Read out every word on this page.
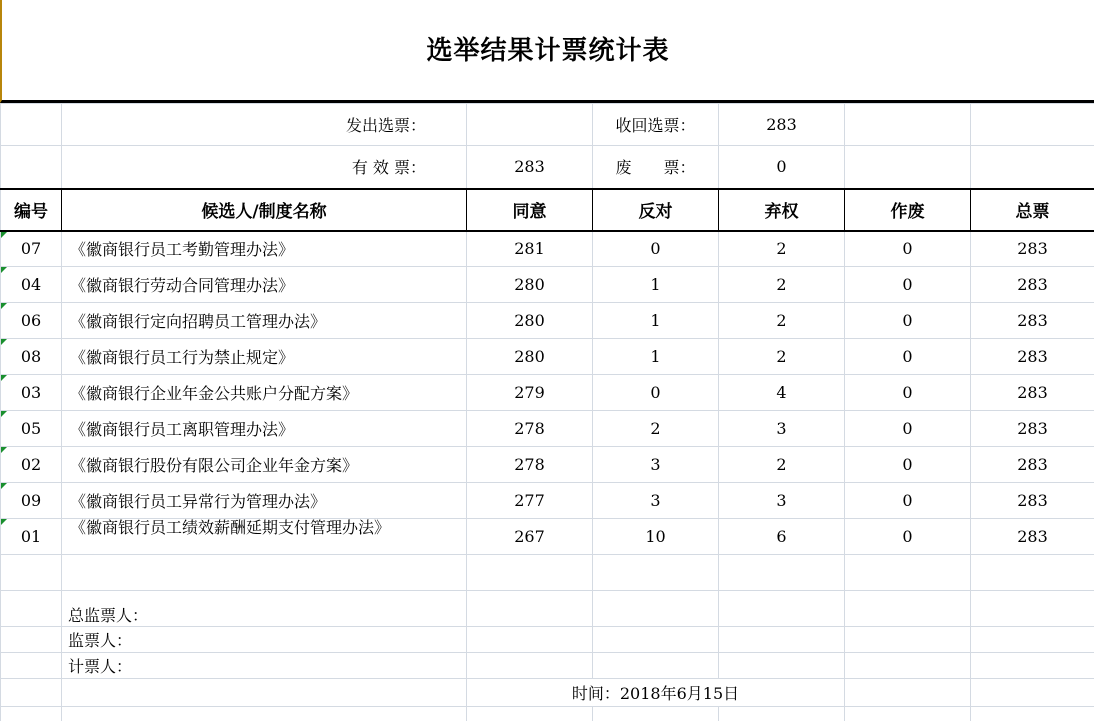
选举结果计票统计表
	发出选票：		收回选票：	283		
	有 效 票：	283	废　　票：	0		
编号	候选人/制度名称	同意	反对	弃权	作废	总票
07	《徽商银行员工考勤管理办法》	281	0	2	0	283
04	《徽商银行劳动合同管理办法》	280	1	2	0	283
06	《徽商银行定向招聘员工管理办法》	280	1	2	0	283
08	《徽商银行员工行为禁止规定》	280	1	2	0	283
03	《徽商银行企业年金公共账户分配方案》	279	0	4	0	283
05	《徽商银行员工离职管理办法》	278	2	3	0	283
02	《徽商银行股份有限公司企业年金方案》	278	3	2	0	283
09	《徽商银行员工异常行为管理办法》	277	3	3	0	283
01	《徽商银行员工绩效薪酬延期支付管理办法》	267	10	6	0	283

	总监票人：					
	监票人：					
	计票人：					
		时间：2018年6月15日				
